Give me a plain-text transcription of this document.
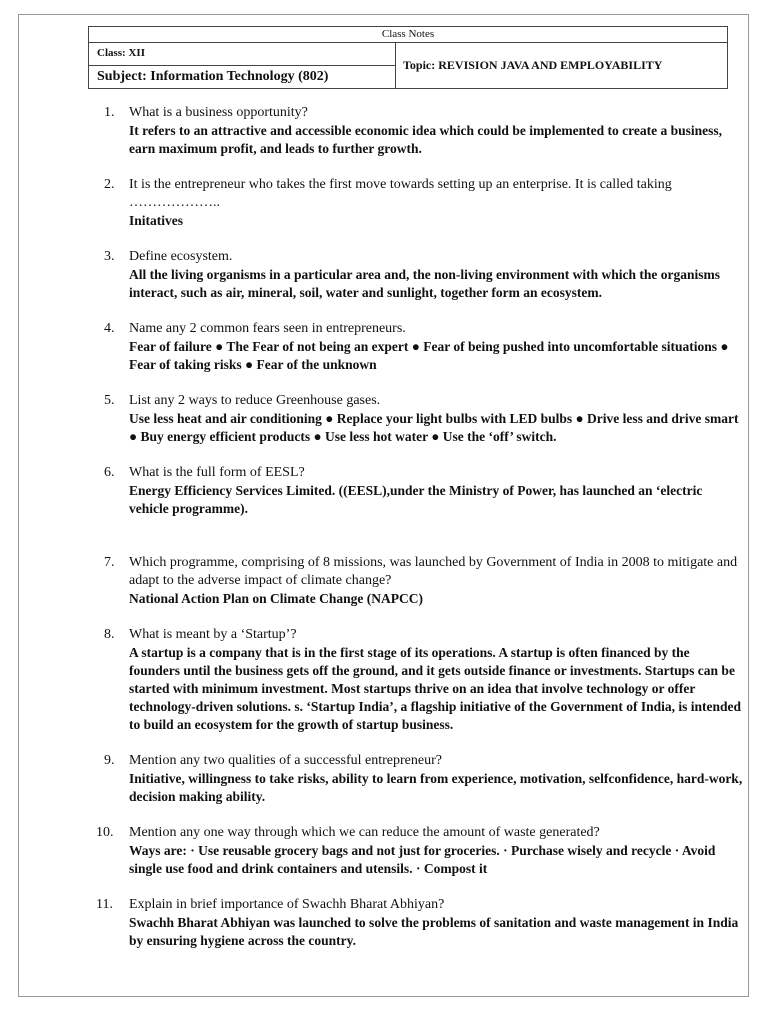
Class Notes
Class: XII
Subject: Information Technology (802)
Topic: REVISION JAVA AND EMPLOYABILITY
1. What is a business opportunity?
It refers to an attractive and accessible economic idea which could be implemented to create a business, earn maximum profit, and leads to further growth.
2. It is the entrepreneur who takes the first move towards setting up an enterprise. It is called taking ………………..
Initatives
3. Define ecosystem.
All the living organisms in a particular area and, the non-living environment with which the organisms interact, such as air, mineral, soil, water and sunlight, together form an ecosystem.
4. Name any 2 common fears seen in entrepreneurs.
Fear of failure ● The Fear of not being an expert ● Fear of being pushed into uncomfortable situations ● Fear of taking risks ● Fear of the unknown
5. List any 2 ways to reduce Greenhouse gases.
Use less heat and air conditioning ● Replace your light bulbs with LED bulbs ● Drive less and drive smart ● Buy energy efficient products ● Use less hot water ● Use the ‘off’ switch.
6. What is the full form of EESL?
Energy Efficiency Services Limited. ((EESL),under the Ministry of Power, has launched an ‘electric vehicle programme).
7. Which programme, comprising of 8 missions, was launched by Government of India in 2008 to mitigate and adapt to the adverse impact of climate change?
National Action Plan on Climate Change (NAPCC)
8. What is meant by a ‘Startup’?
A startup is a company that is in the first stage of its operations. A startup is often financed by the founders until the business gets off the ground, and it gets outside finance or investments. Startups can be started with minimum investment. Most startups thrive on an idea that involve technology or offer technology-driven solutions. s. ‘Startup India’, a flagship initiative of the Government of India, is intended to build an ecosystem for the growth of startup business.
9. Mention any two qualities of a successful entrepreneur?
Initiative, willingness to take risks, ability to learn from experience, motivation, selfconfidence, hard-work, decision making ability.
10. Mention any one way through which we can reduce the amount of waste generated?
Ways are: · Use reusable grocery bags and not just for groceries. · Purchase wisely and recycle · Avoid single use food and drink containers and utensils. · Compost it
11. Explain in brief importance of Swachh Bharat Abhiyan?
Swachh Bharat Abhiyan was launched to solve the problems of sanitation and waste management in India by ensuring hygiene across the country.
